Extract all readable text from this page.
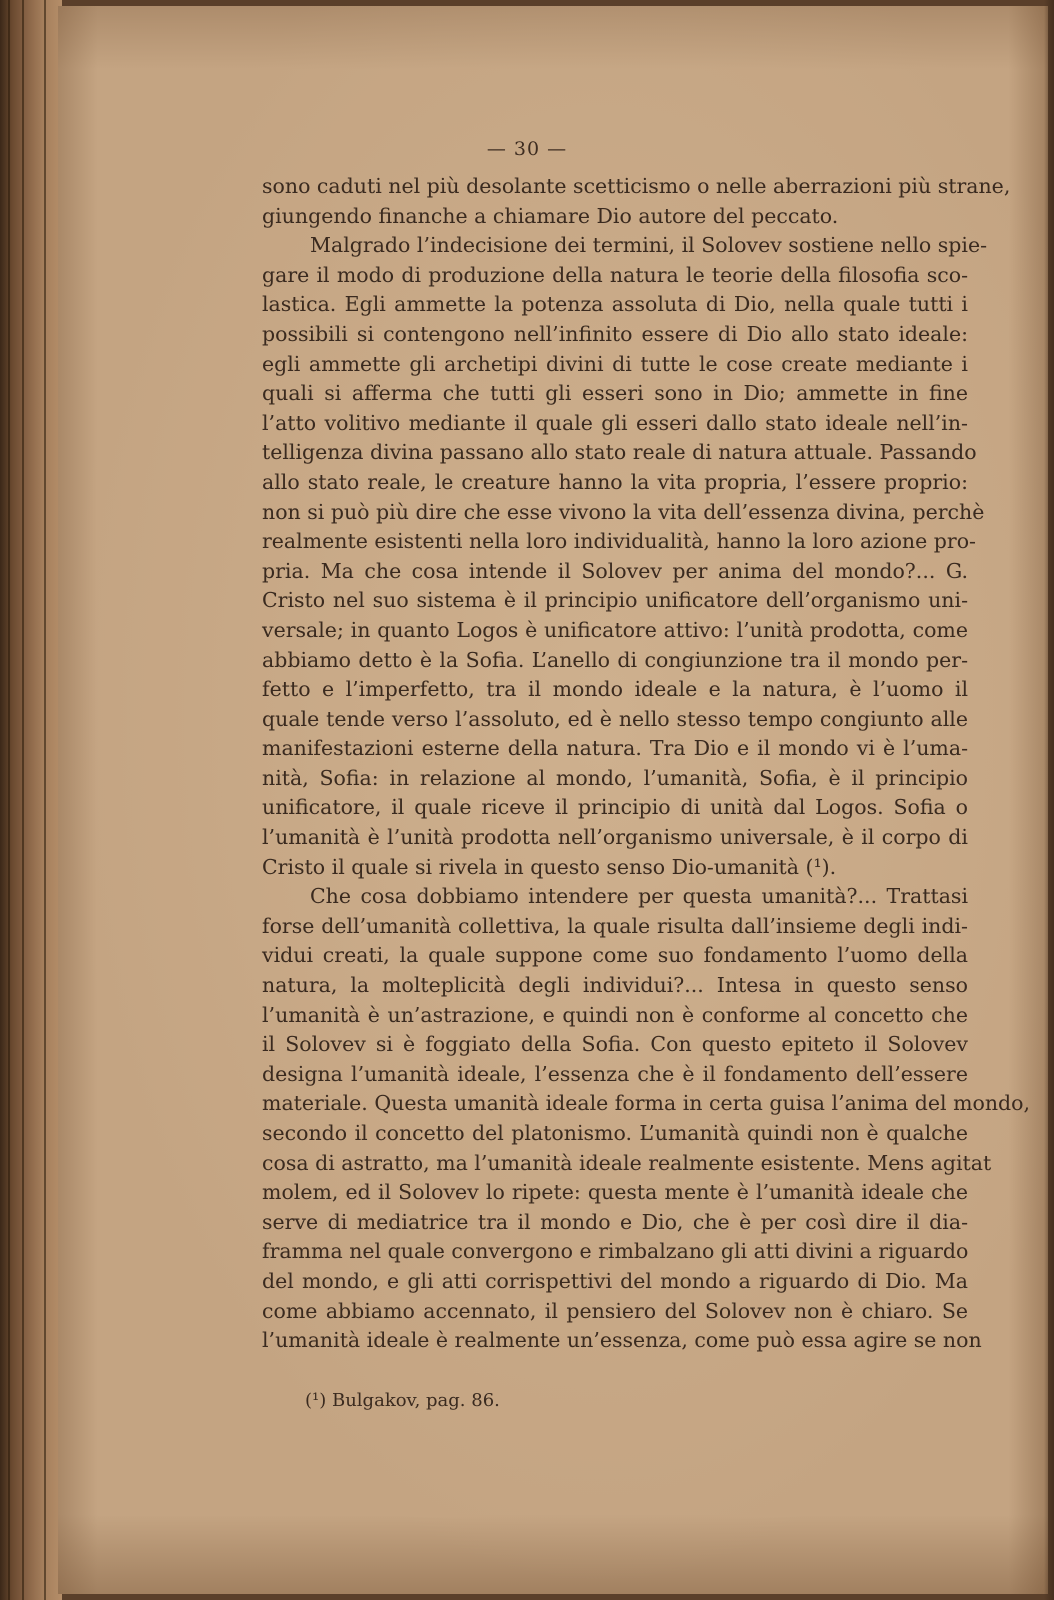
— 30 —
sono caduti nel più desolante scetticismo o nelle aberrazioni più strane,
giungendo finanche a chiamare Dio autore del peccato.
Malgrado l’indecisione dei termini, il Solovev sostiene nello spie-
gare il modo di produzione della natura le teorie della filosofia sco-
lastica. Egli ammette la potenza assoluta di Dio, nella quale tutti i
possibili si contengono nell’infinito essere di Dio allo stato ideale:
egli ammette gli archetipi divini di tutte le cose create mediante i
quali si afferma che tutti gli esseri sono in Dio; ammette in fine
l’atto volitivo mediante il quale gli esseri dallo stato ideale nell’in-
telligenza divina passano allo stato reale di natura attuale. Passando
allo stato reale, le creature hanno la vita propria, l’essere proprio:
non si può più dire che esse vivono la vita dell’essenza divina, perchè
realmente esistenti nella loro individualità, hanno la loro azione pro-
pria. Ma che cosa intende il Solovev per anima del mondo?... G.
Cristo nel suo sistema è il principio unificatore dell’organismo uni-
versale; in quanto Logos è unificatore attivo: l’unità prodotta, come
abbiamo detto è la Sofia. L’anello di congiunzione tra il mondo per-
fetto e l’imperfetto, tra il mondo ideale e la natura, è l’uomo il
quale tende verso l’assoluto, ed è nello stesso tempo congiunto alle
manifestazioni esterne della natura. Tra Dio e il mondo vi è l’uma-
nità, Sofia: in relazione al mondo, l’umanità, Sofia, è il principio
unificatore, il quale riceve il principio di unità dal Logos. Sofia o
l’umanità è l’unità prodotta nell’organismo universale, è il corpo di
Cristo il quale si rivela in questo senso Dio-umanità (¹).
Che cosa dobbiamo intendere per questa umanità?... Trattasi
forse dell’umanità collettiva, la quale risulta dall’insieme degli indi-
vidui creati, la quale suppone come suo fondamento l’uomo della
natura, la molteplicità degli individui?... Intesa in questo senso
l’umanità è un’astrazione, e quindi non è conforme al concetto che
il Solovev si è foggiato della Sofia. Con questo epiteto il Solovev
designa l’umanità ideale, l’essenza che è il fondamento dell’essere
materiale. Questa umanità ideale forma in certa guisa l’anima del mondo,
secondo il concetto del platonismo. L’umanità quindi non è qualche
cosa di astratto, ma l’umanità ideale realmente esistente. Mens agitat
molem, ed il Solovev lo ripete: questa mente è l’umanità ideale che
serve di mediatrice tra il mondo e Dio, che è per così dire il dia-
framma nel quale convergono e rimbalzano gli atti divini a riguardo
del mondo, e gli atti corrispettivi del mondo a riguardo di Dio. Ma
come abbiamo accennato, il pensiero del Solovev non è chiaro. Se
l’umanità ideale è realmente un’essenza, come può essa agire se non
(¹) Bulgakov, pag. 86.
